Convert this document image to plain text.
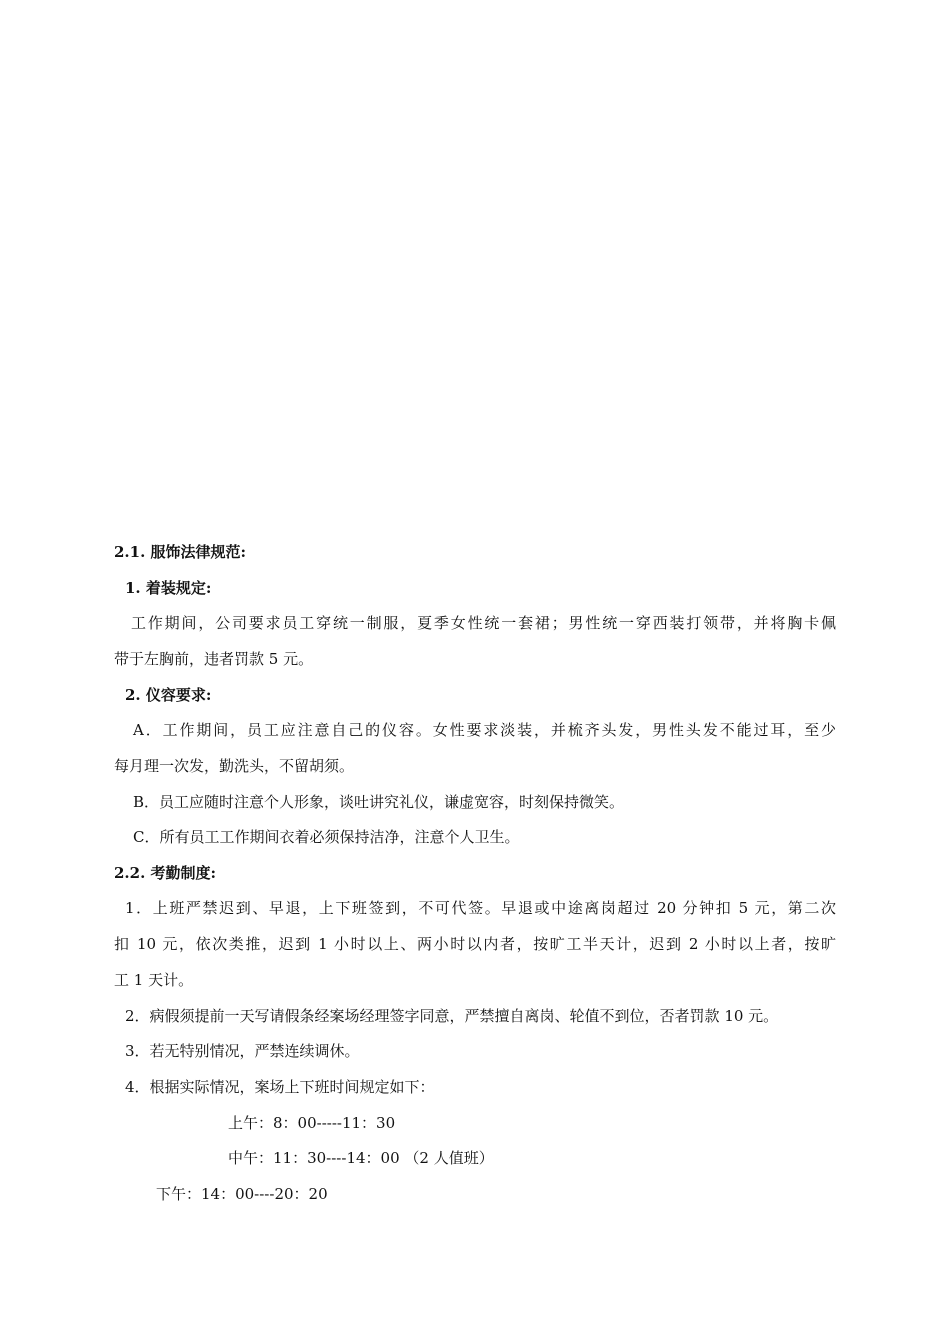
2.1. 服饰法律规范:
1. 着装规定:
工作期间，公司要求员工穿统一制服，夏季女性统一套裙；男性统一穿西装打领带，并将胸卡佩
带于左胸前，违者罚款 5 元。
2. 仪容要求:
A．工作期间，员工应注意自己的仪容。女性要求淡装，并梳齐头发，男性头发不能过耳，至少
每月理一次发，勤洗头，不留胡须。
B．员工应随时注意个人形象，谈吐讲究礼仪，谦虚宽容，时刻保持微笑。
C．所有员工工作期间衣着必须保持洁净，注意个人卫生。
2.2. 考勤制度:
1．上班严禁迟到、早退，上下班签到，不可代签。早退或中途离岗超过 20 分钟扣 5 元，第二次
扣 10 元，依次类推，迟到 1 小时以上、两小时以内者，按旷工半天计，迟到 2 小时以上者，按旷
工 1 天计。
2．病假须提前一天写请假条经案场经理签字同意，严禁擅自离岗、轮值不到位，否者罚款 10 元。
3．若无特别情况，严禁连续调休。
4．根据实际情况，案场上下班时间规定如下：
上午：8：00-----11：30
中午：11：30----14：00 （2 人值班）
下午：14：00----20：20
